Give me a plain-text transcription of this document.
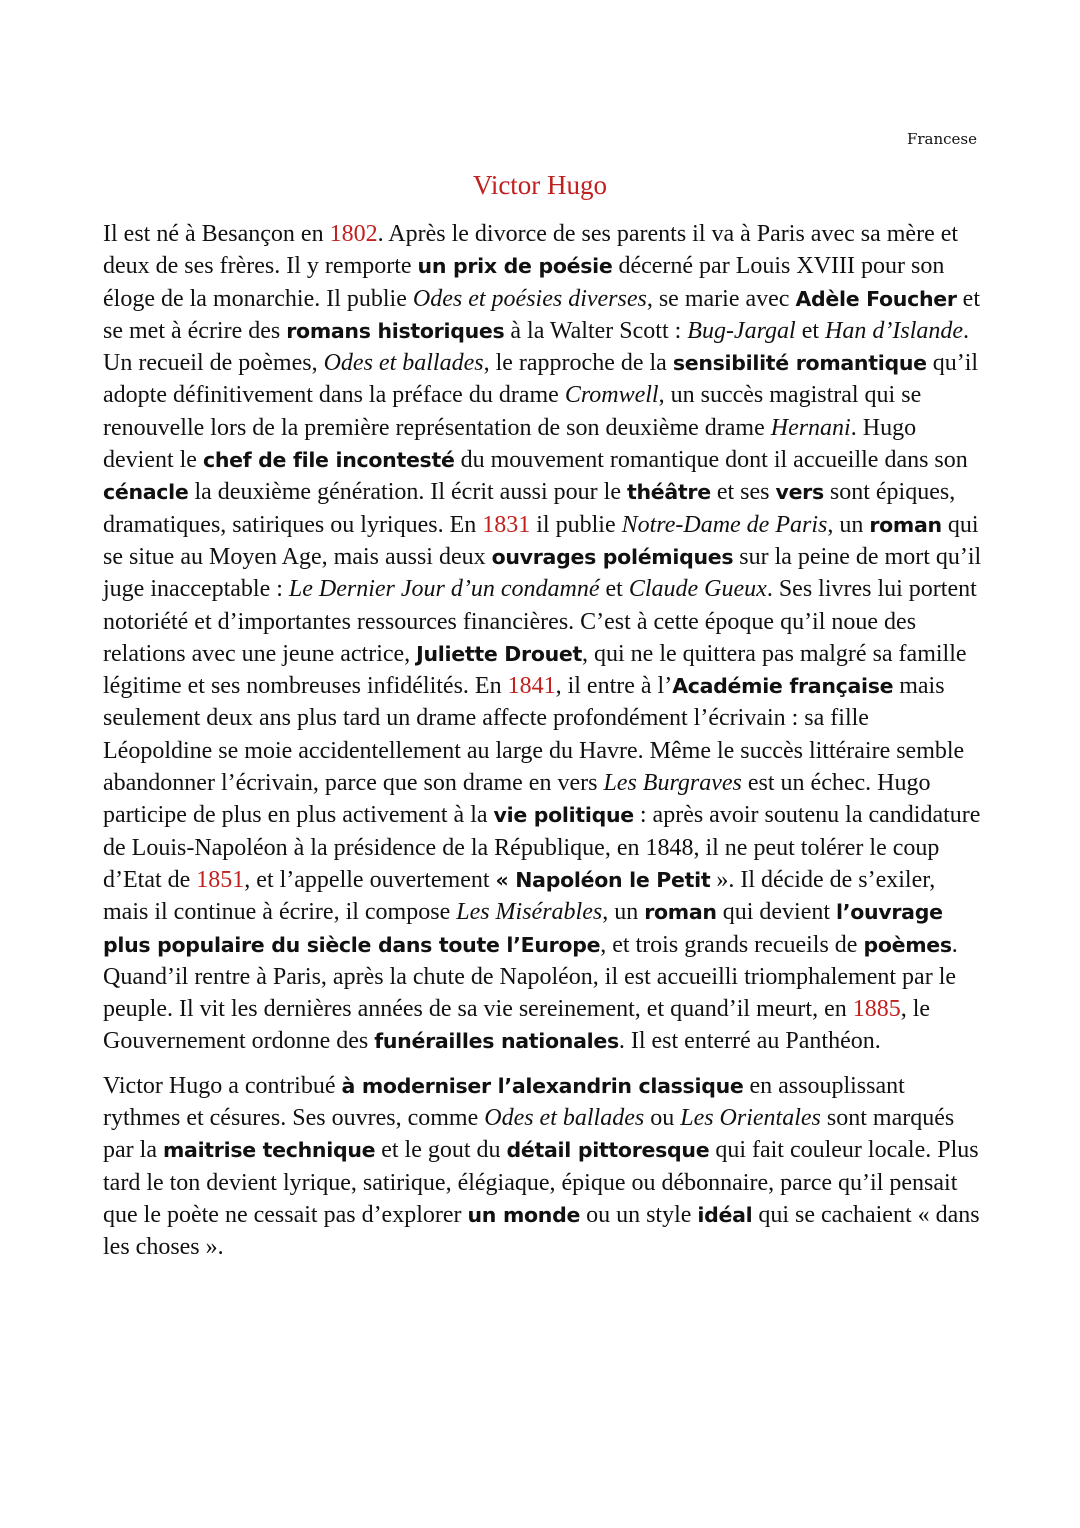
Francese
Victor Hugo

Il est né à Besançon en 1802. Après le divorce de ses parents il va à Paris avec sa mère et deux de ses frères. Il y remporte un prix de poésie décerné par Louis XVIII pour son éloge de la monarchie. Il publie Odes et poésies diverses, se marie avec Adèle Foucher et se met à écrire des romans historiques à la Walter Scott : Bug-Jargal et Han d’Islande. Un recueil de poèmes, Odes et ballades, le rapproche de la sensibilité romantique qu’il adopte définitivement dans la préface du drame Cromwell, un succès magistral qui se renouvelle lors de la première représentation de son deuxième drame Hernani. Hugo devient le chef de file incontesté du mouvement romantique dont il accueille dans son cénacle la deuxième génération. Il écrit aussi pour le théâtre et ses vers sont épiques, dramatiques, satiriques ou lyriques. En 1831 il publie Notre-Dame de Paris, un roman qui se situe au Moyen Age, mais aussi deux ouvrages polémiques sur la peine de mort qu’il juge inacceptable : Le Dernier Jour d’un condamné et Claude Gueux. Ses livres lui portent notoriété et d’importantes ressources financières. C’est à cette époque qu’il noue des relations avec une jeune actrice, Juliette Drouet, qui ne le quittera pas malgré sa famille légitime et ses nombreuses infidélités. En 1841, il entre à l’Académie française mais seulement deux ans plus tard un drame affecte profondément l’écrivain : sa fille Léopoldine se moie accidentellement au large du Havre. Même le succès littéraire semble abandonner l’écrivain, parce que son drame en vers Les Burgraves est un échec. Hugo participe de plus en plus activement à la vie politique : après avoir soutenu la candidature de Louis-Napoléon à la présidence de la République, en 1848, il ne peut tolérer le coup d’Etat de 1851, et l’appelle ouvertement « Napoléon le Petit ». Il décide de s’exiler, mais il continue à écrire, il compose Les Misérables, un roman qui devient l’ouvrage plus populaire du siècle dans toute l’Europe, et trois grands recueils de poèmes. Quand’il rentre à Paris, après la chute de Napoléon, il est accueilli triomphalement par le peuple. Il vit les dernières années de sa vie sereinement, et quand’il meurt, en 1885, le Gouvernement ordonne des funérailles nationales. Il est enterré au Panthéon.

Victor Hugo a contribué à moderniser l’alexandrin classique en assouplissant rythmes et césures. Ses ouvres, comme Odes et ballades ou Les Orientales sont marqués par la maitrise technique et le gout du détail pittoresque qui fait couleur locale. Plus tard le ton devient lyrique, satirique, élégiaque, épique ou débonnaire, parce qu’il pensait que le poète ne cessait pas d’explorer un monde ou un style idéal qui se cachaient « dans les choses ».
